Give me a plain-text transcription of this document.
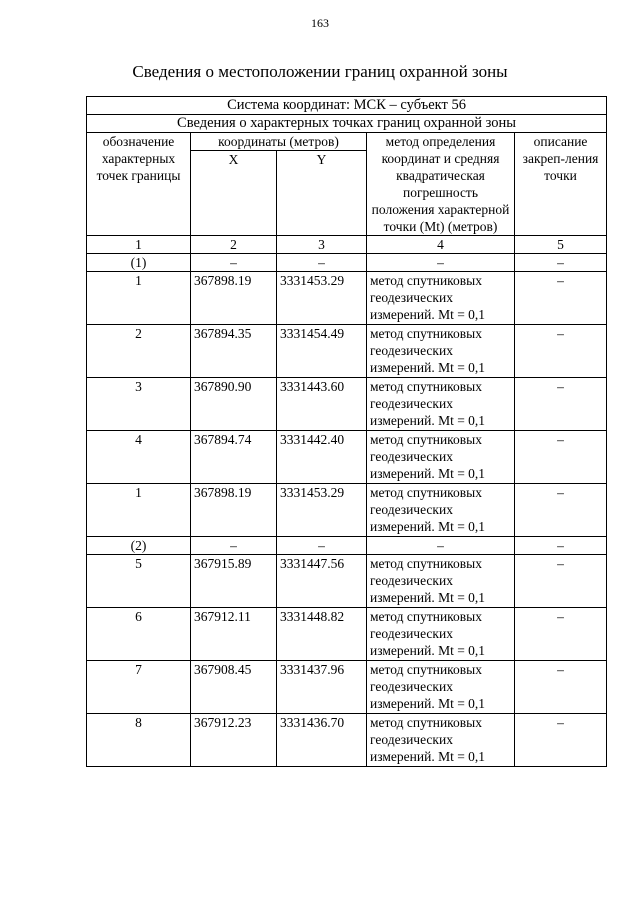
163
Сведения о местоположении границ охранной зоны
Система координат: МСК – субъект 56				
Сведения о характерных точках границ охранной зоны				
обозначение характерных точек границы	координаты (метров)		метод определения координат и средняя квадратическая погрешность положения характерной точки (Mt) (метров)	описание закреп-ления точки
	X	Y		

1	2	3	4	5
(1)	–	–	–	–
1	367898.19	3331453.29	метод спутниковых геодезических измерений. Mt = 0,1	–
2	367894.35	3331454.49	метод спутниковых геодезических измерений. Mt = 0,1	–
3	367890.90	3331443.60	метод спутниковых геодезических измерений. Mt = 0,1	–
4	367894.74	3331442.40	метод спутниковых геодезических измерений. Mt = 0,1	–
1	367898.19	3331453.29	метод спутниковых геодезических измерений. Mt = 0,1	–
(2)	–	–	–	–
5	367915.89	3331447.56	метод спутниковых геодезических измерений. Mt = 0,1	–
6	367912.11	3331448.82	метод спутниковых геодезических измерений. Mt = 0,1	–
7	367908.45	3331437.96	метод спутниковых геодезических измерений. Mt = 0,1	–
8	367912.23	3331436.70	метод спутниковых геодезических измерений. Mt = 0,1	–
